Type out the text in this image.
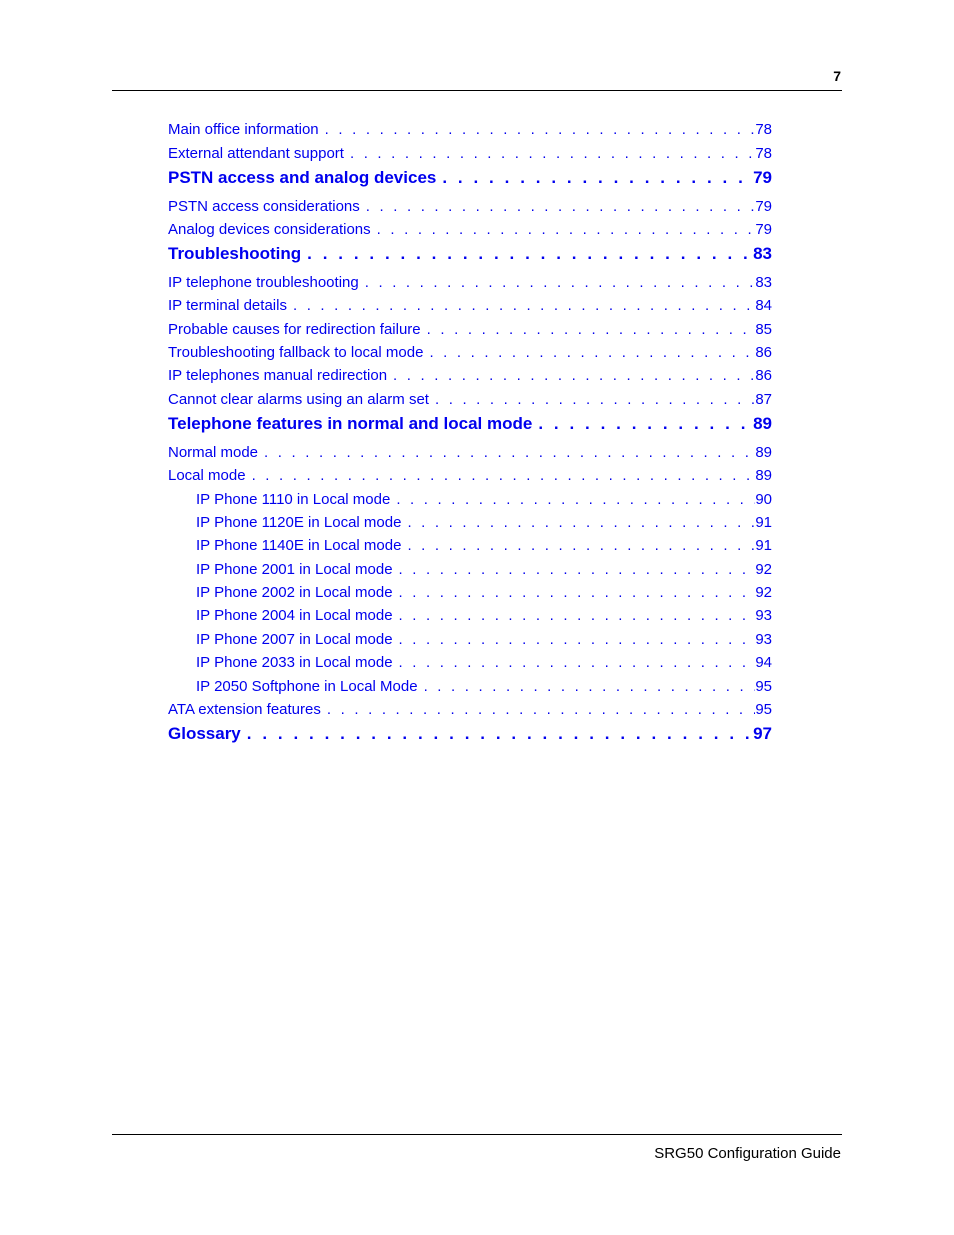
7
Main office information . . .	78
External attendant support . . .	78
PSTN access and analog devices . . .	79
PSTN access considerations . . .	79
Analog devices considerations . . .	79
Troubleshooting . . .	83
IP telephone troubleshooting . . .	83
IP terminal details . . .	84
Probable causes for redirection failure . . .	85
Troubleshooting fallback to local mode . . .	86
IP telephones manual redirection . . .	86
Cannot clear alarms using an alarm set . . .	87
Telephone features in normal and local mode . . .	89
Normal mode . . .	89
Local mode . . .	89
IP Phone 1110 in Local mode . . .	90
IP Phone 1120E in Local mode . . .	91
IP Phone 1140E in Local mode . . .	91
IP Phone 2001 in Local mode . . .	92
IP Phone 2002 in Local mode . . .	92
IP Phone 2004 in Local mode . . .	93
IP Phone 2007 in Local mode . . .	93
IP Phone 2033 in Local mode . . .	94
IP 2050 Softphone in Local Mode . . .	95
ATA extension features . . .	95
Glossary . . .	97
SRG50 Configuration Guide
